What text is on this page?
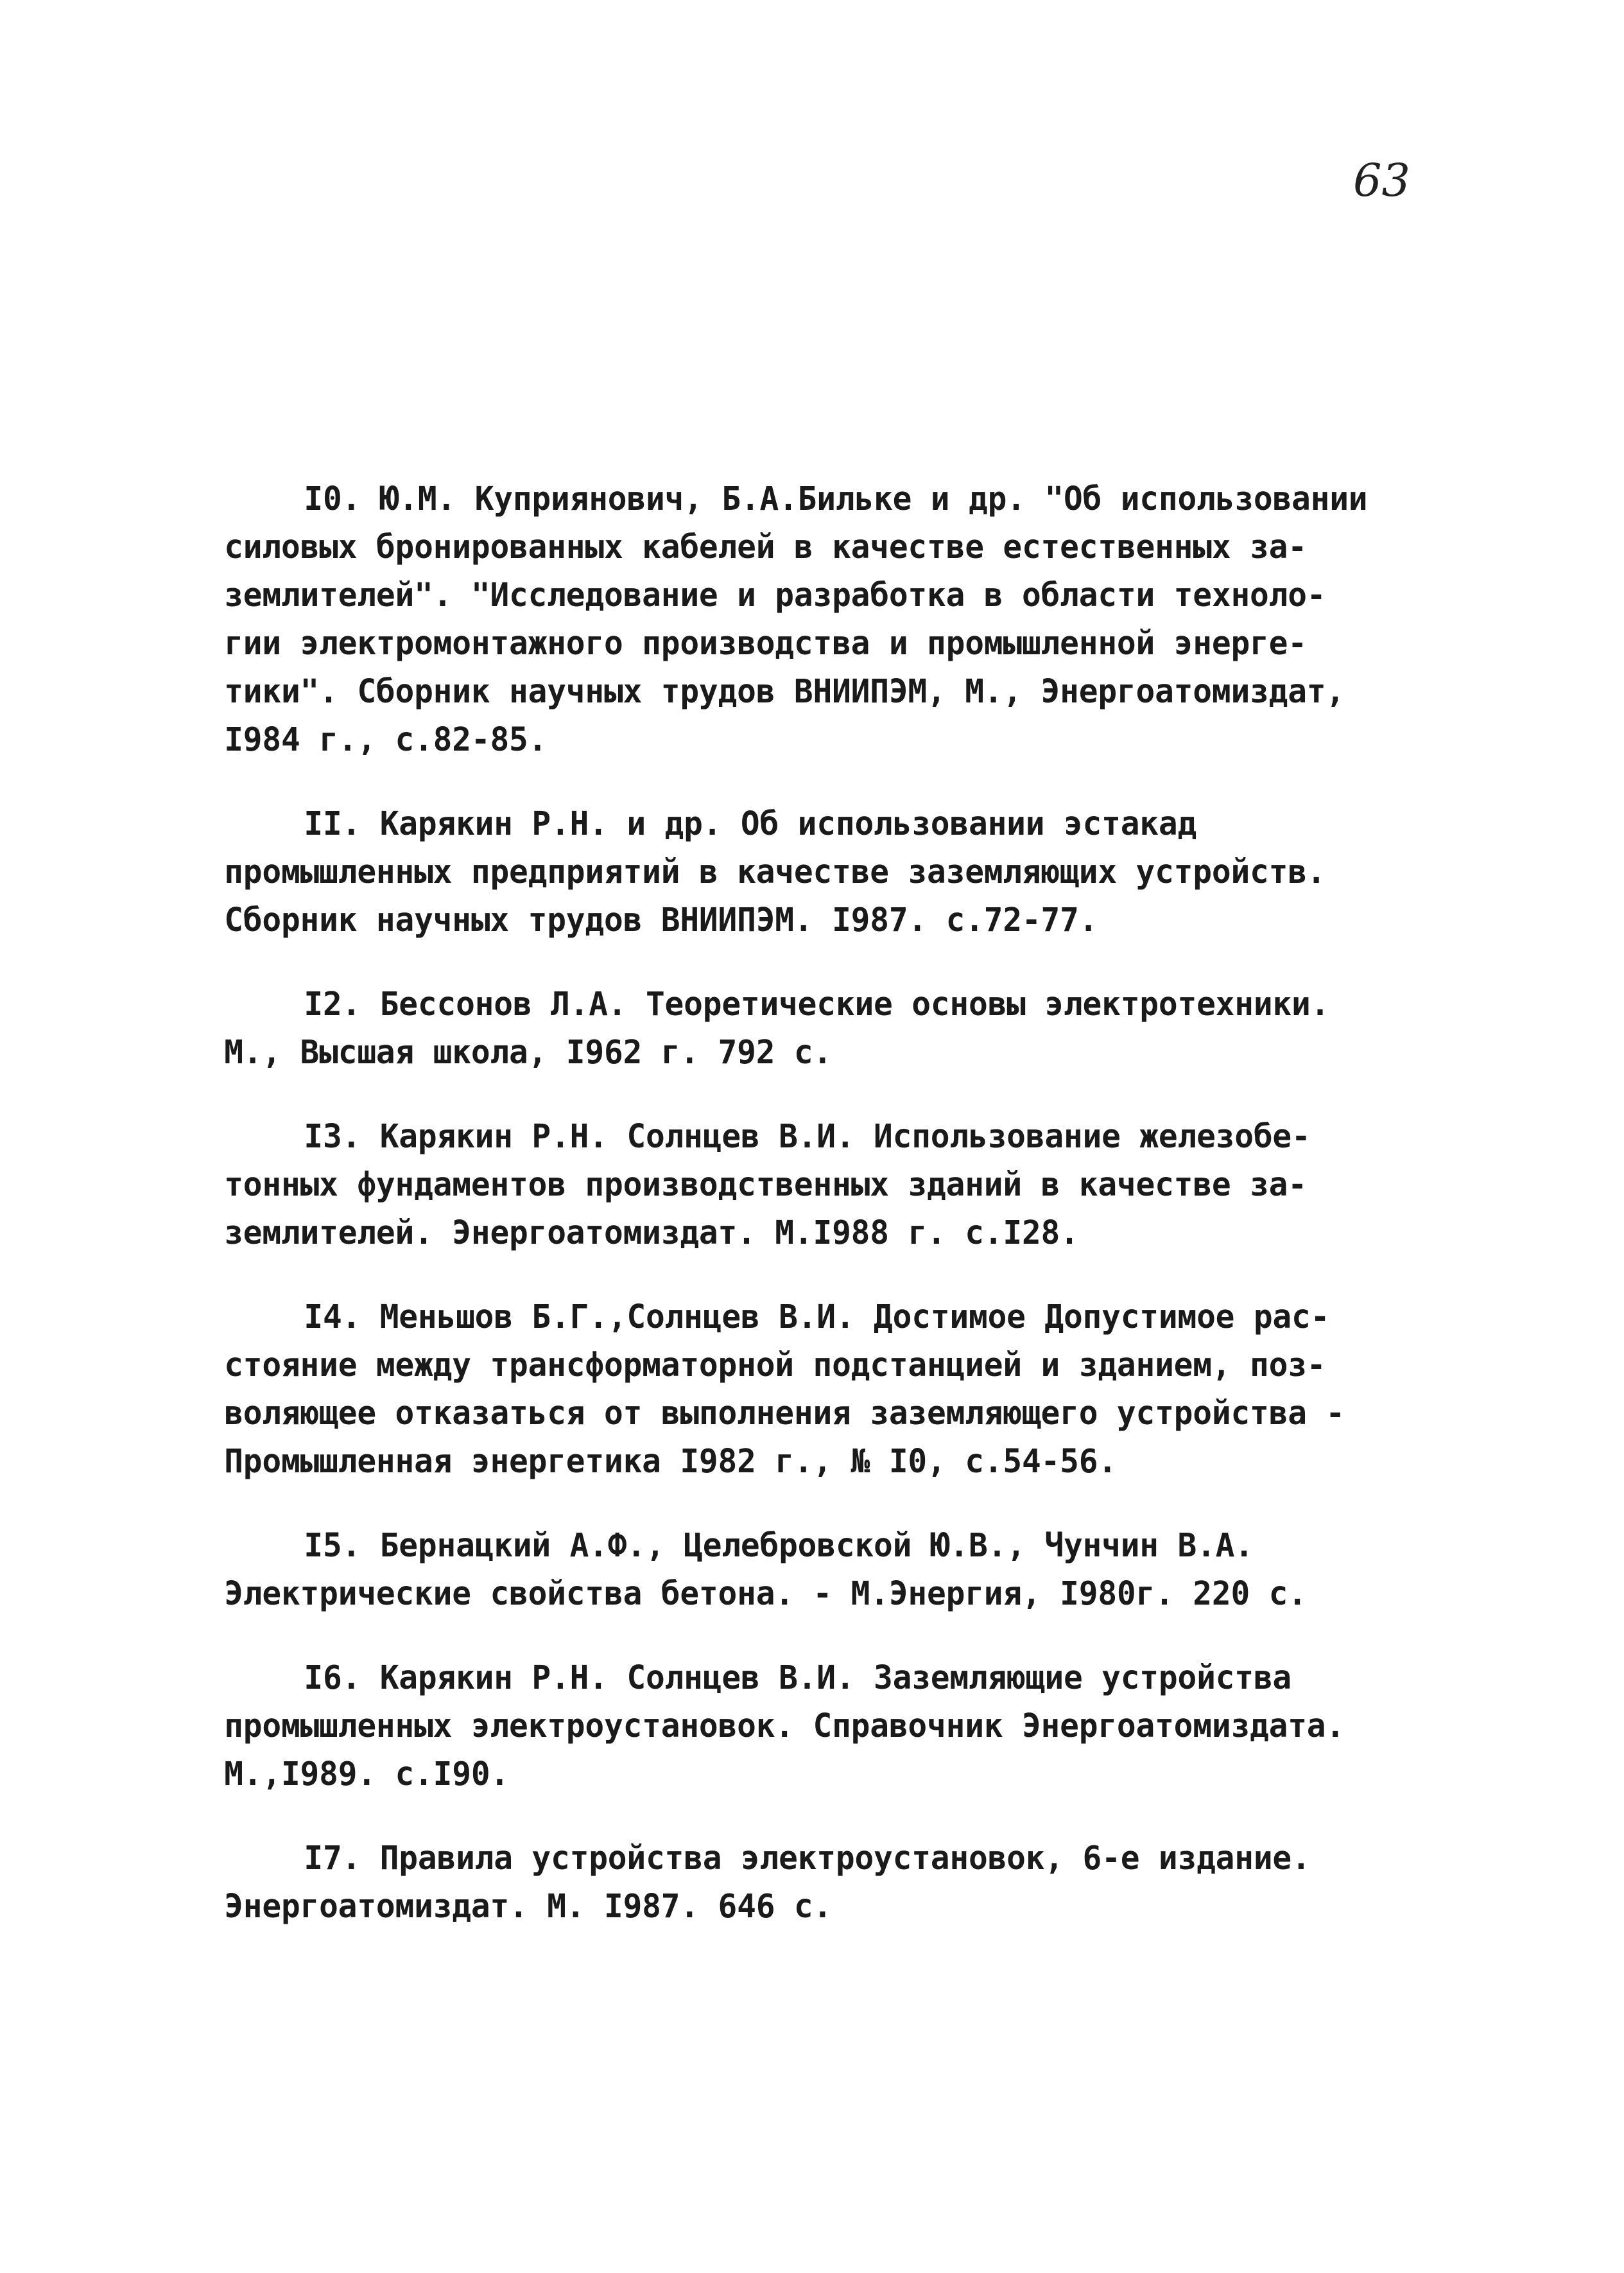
63
I0. Ю.М. Куприянович, Б.А.Бильке и др. "Об использовании
силовых бронированных кабелей в качестве естественных за-
землителей". "Исследование и разработка в области техноло-
гии электромонтажного производства и промышленной энерге-
тики". Сборник научных трудов ВНИИПЭМ, М., Энергоатомиздат,
I984 г., с.82-85.
II. Карякин Р.Н. и др. Об использовании эстакад
промышленных предприятий в качестве заземляющих устройств.
Сборник научных трудов ВНИИПЭМ. I987. с.72-77.
I2. Бессонов Л.А. Теоретические основы электротехники.
М., Высшая школа, I962 г. 792 с.
I3. Карякин Р.Н. Солнцев В.И. Использование железобе-
тонных фундаментов производственных зданий в качестве за-
землителей. Энергоатомиздат. М.I988 г. с.I28.
I4. Меньшов Б.Г.,Солнцев В.И. Достимое Допустимое рас-
стояние между трансформаторной подстанцией и зданием, поз-
воляющее отказаться от выполнения заземляющего устройства -
Промышленная энергетика I982 г., № I0, с.54-56.
I5. Бернацкий А.Ф., Целебровской Ю.В., Чунчин В.А.
Электрические свойства бетона. - М.Энергия, I980г. 220 с.
I6. Карякин Р.Н. Солнцев В.И. Заземляющие устройства
промышленных электроустановок. Справочник Энергоатомиздата.
М.,I989. с.I90.
I7. Правила устройства электроустановок, 6-е издание.
Энергоатомиздат. М. I987. 646 с.
